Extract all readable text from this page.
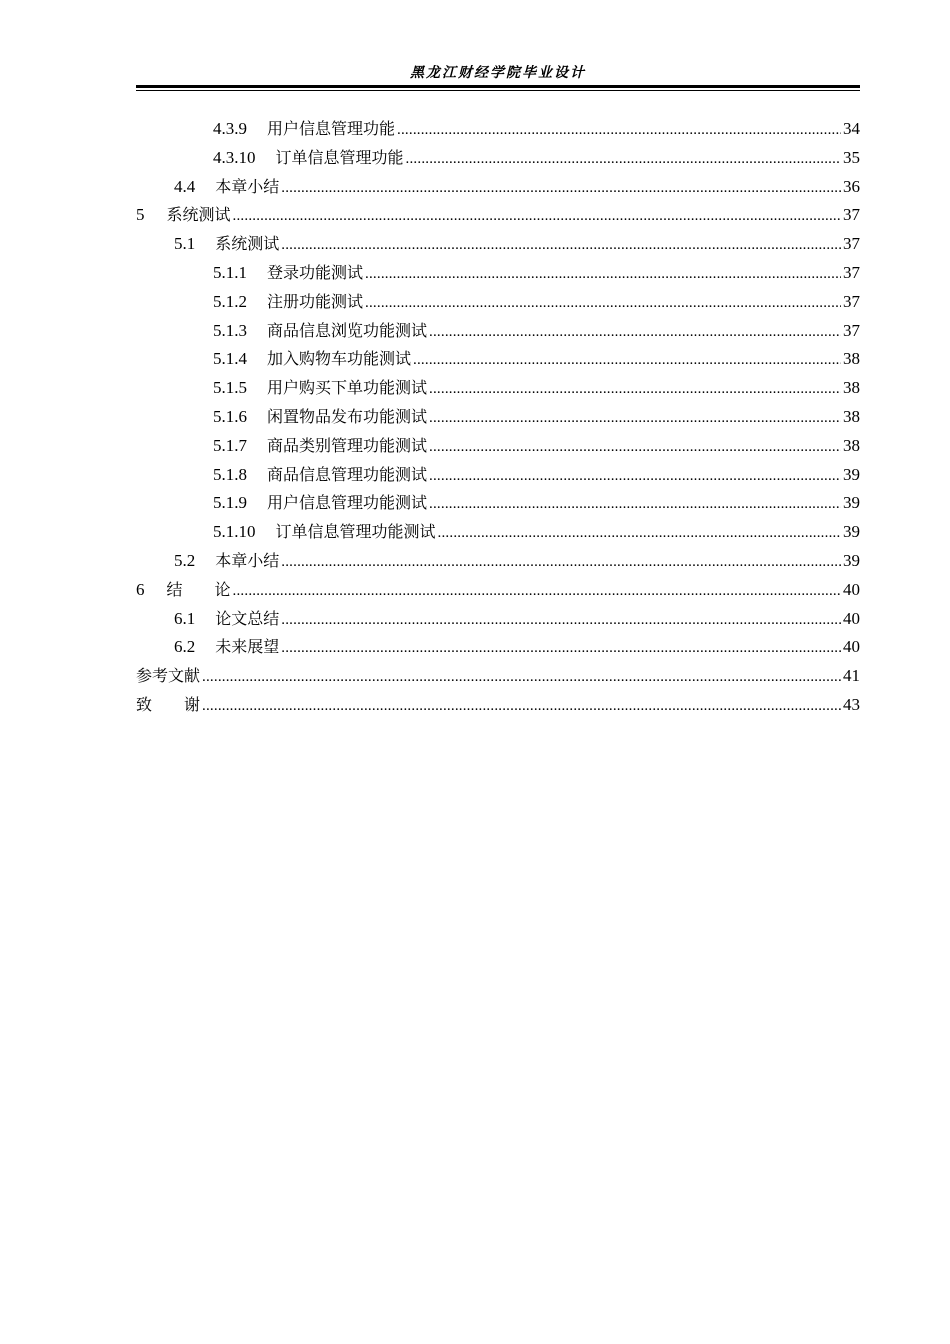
黑龙江财经学院毕业设计
4.3.9 用户信息管理功能 .....	34
4.3.10 订单信息管理功能 .....	35
4.4 本章小结 .....	36
5 系统测试 .....	37
5.1 系统测试 .....	37
5.1.1 登录功能测试 .....	37
5.1.2 注册功能测试 .....	37
5.1.3 商品信息浏览功能测试 .....	37
5.1.4 加入购物车功能测试 .....	38
5.1.5 用户购买下单功能测试 .....	38
5.1.6 闲置物品发布功能测试 .....	38
5.1.7 商品类别管理功能测试 .....	38
5.1.8 商品信息管理功能测试 .....	39
5.1.9 用户信息管理功能测试 .....	39
5.1.10 订单信息管理功能测试 .....	39
5.2 本章小结 .....	39
6 结　　论 .....	40
6.1 论文总结 .....	40
6.2 未来展望 .....	40
参考文献 .....	41
致　　谢 .....	43
